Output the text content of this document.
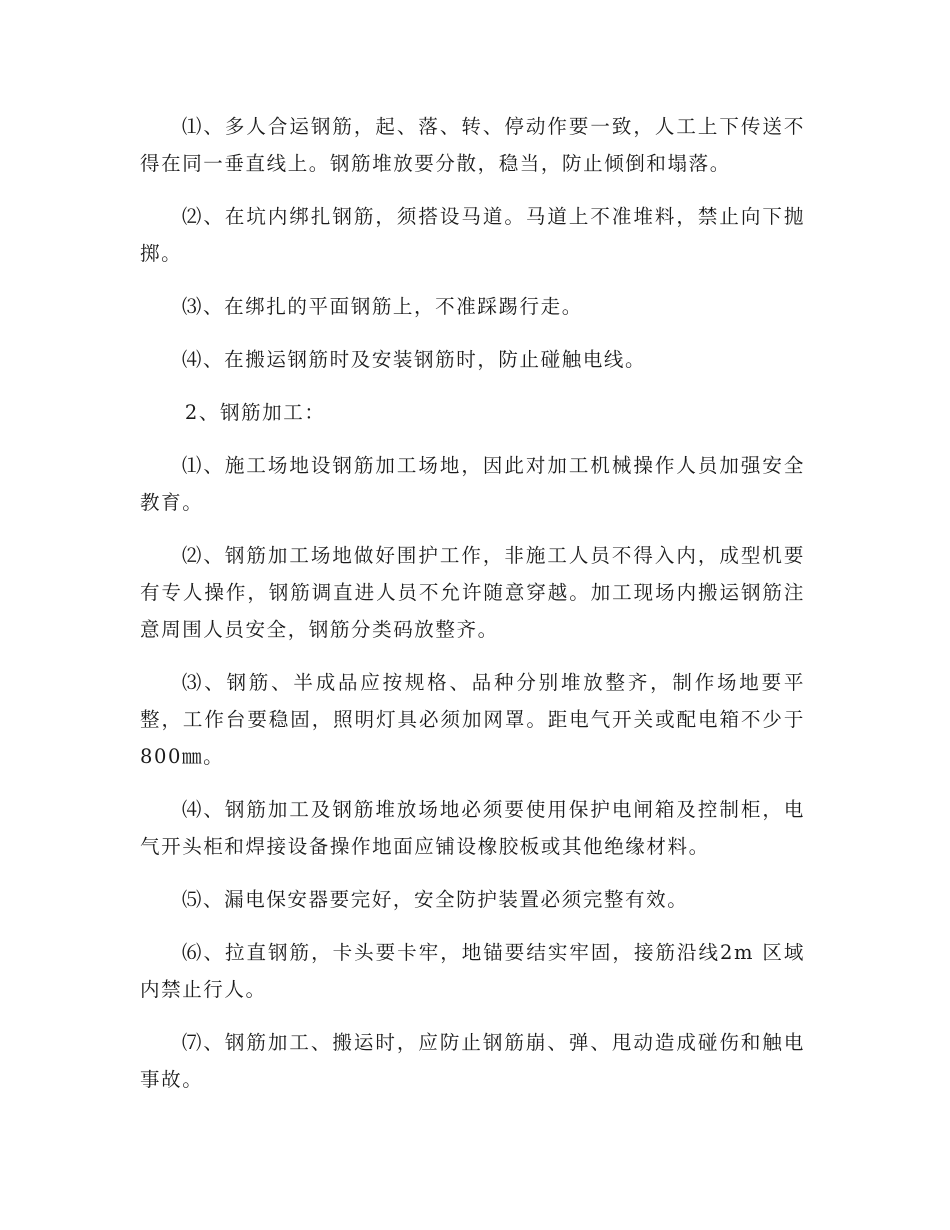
⑴、多人合运钢筋，起、落、转、停动作要一致，人工上下传送不得在同一垂直线上。钢筋堆放要分散，稳当，防止倾倒和塌落。

⑵、在坑内绑扎钢筋，须搭设马道。马道上不准堆料，禁止向下抛掷。

⑶、在绑扎的平面钢筋上，不准踩踢行走。

⑷、在搬运钢筋时及安装钢筋时，防止碰触电线。

2、钢筋加工：

⑴、施工场地设钢筋加工场地，因此对加工机械操作人员加强安全教育。

⑵、钢筋加工场地做好围护工作，非施工人员不得入内，成型机要有专人操作，钢筋调直进人员不允许随意穿越。加工现场内搬运钢筋注意周围人员安全，钢筋分类码放整齐。

⑶、钢筋、半成品应按规格、品种分别堆放整齐，制作场地要平整，工作台要稳固，照明灯具必须加网罩。距电气开关或配电箱不少于800㎜。

⑷、钢筋加工及钢筋堆放场地必须要使用保护电闸箱及控制柜，电气开头柜和焊接设备操作地面应铺设橡胶板或其他绝缘材料。

⑸、漏电保安器要完好，安全防护装置必须完整有效。

⑹、拉直钢筋，卡头要卡牢，地锚要结实牢固，接筋沿线2m 区域内禁止行人。

⑺、钢筋加工、搬运时，应防止钢筋崩、弹、甩动造成碰伤和触电事故。
